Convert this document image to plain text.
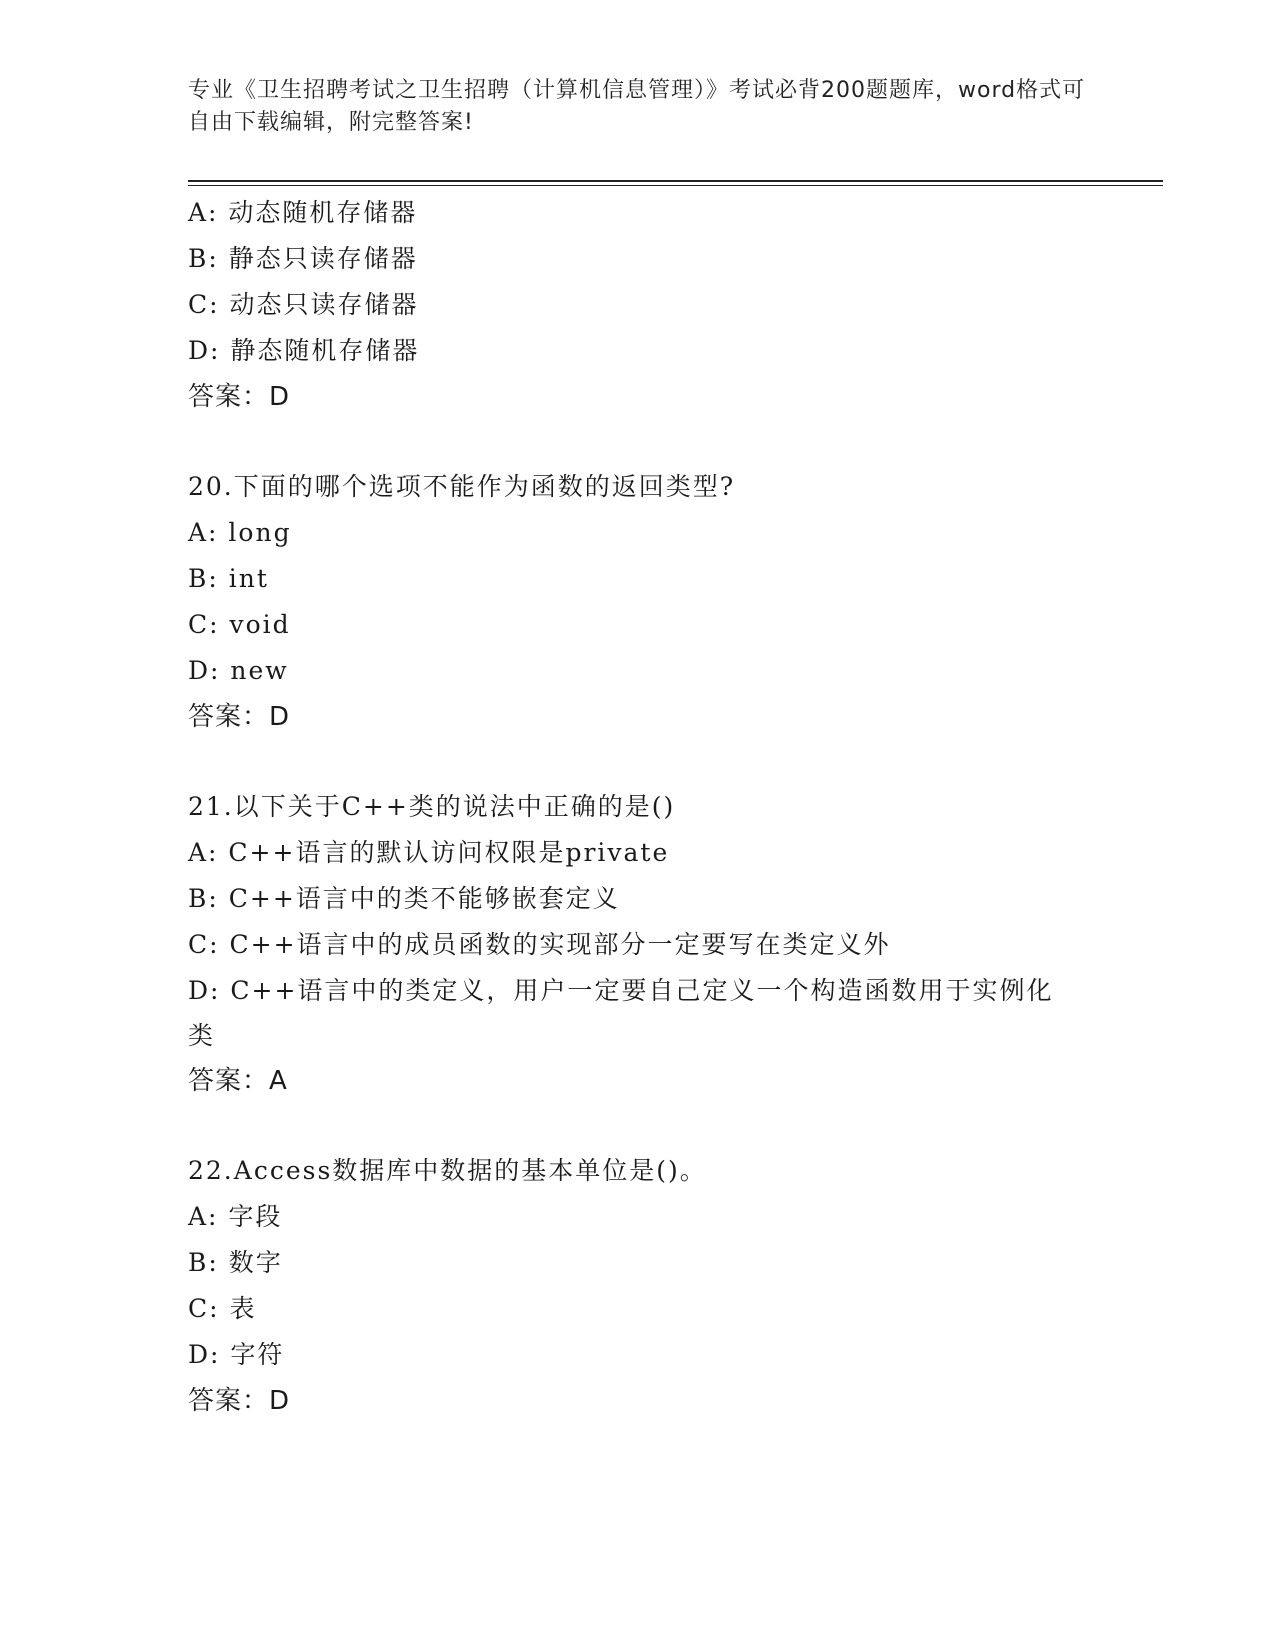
专业《卫生招聘考试之卫生招聘（计算机信息管理）》考试必背200题题库，word格式可自由下载编辑，附完整答案!
A: 动态随机存储器
B: 静态只读存储器
C: 动态只读存储器
D: 静态随机存储器
答案：D
20.下面的哪个选项不能作为函数的返回类型?
A: long
B: int
C: void
D: new
答案：D
21.以下关于C++类的说法中正确的是()
A: C++语言的默认访问权限是private
B: C++语言中的类不能够嵌套定义
C: C++语言中的成员函数的实现部分一定要写在类定义外
D: C++语言中的类定义，用户一定要自己定义一个构造函数用于实例化类
答案：A
22.Access数据库中数据的基本单位是()。
A: 字段
B: 数字
C: 表
D: 字符
答案：D
